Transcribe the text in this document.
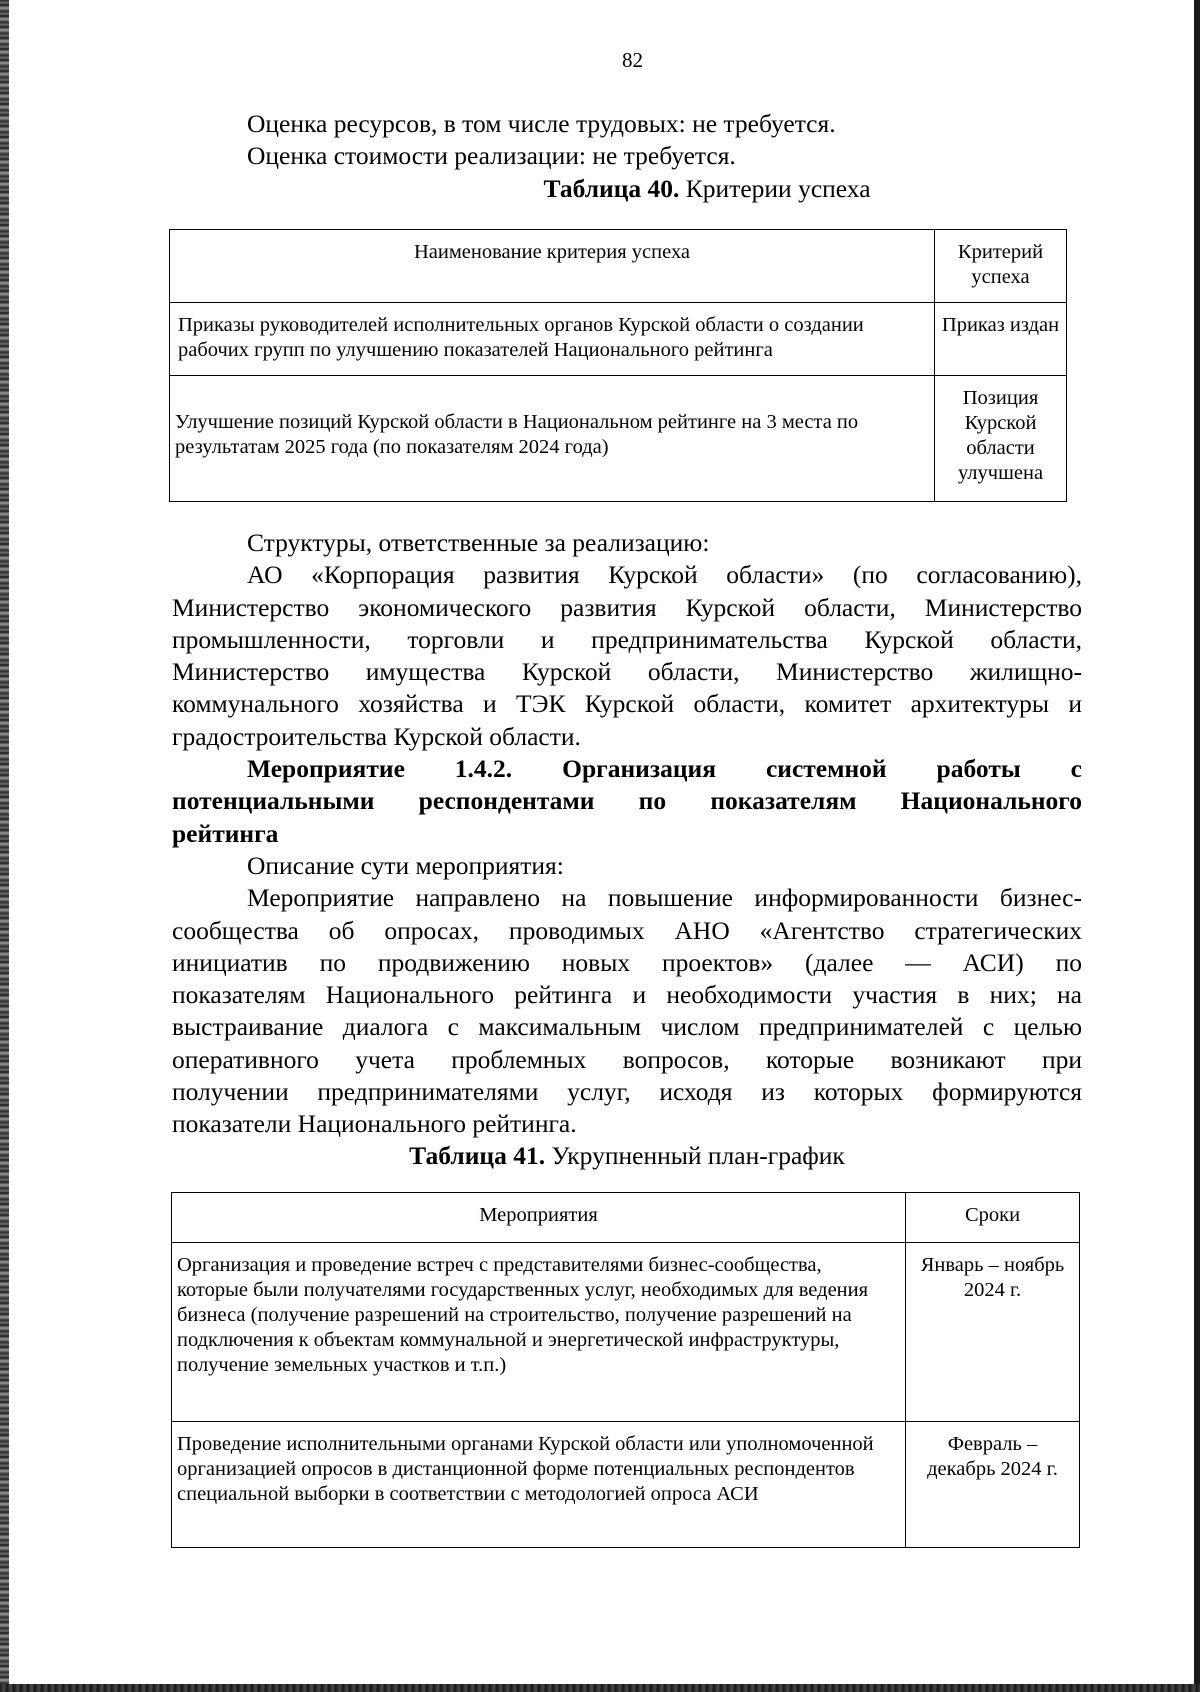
82
Оценка ресурсов, в том числе трудовых: не требуется.
Оценка стоимости реализации: не требуется.
Таблица 40. Критерии успеха
Наименование критерия успеха	Критерий успеха
Приказы руководителей исполнительных органов Курской области о создании рабочих групп по улучшению показателей Национального рейтинга	Приказ издан
Улучшение позиций Курской области в Национальном рейтинге на 3 места по результатам 2025 года (по показателям 2024 года)	Позиция Курской области улучшена
Структуры, ответственные за реализацию:
АО «Корпорация развития Курской области» (по согласованию),
Министерство экономического развития Курской области, Министерство
промышленности, торговли и предпринимательства Курской области,
Министерство имущества Курской области, Министерство жилищно-
коммунального хозяйства и ТЭК Курской области, комитет архитектуры и
градостроительства Курской области.
Мероприятие 1.4.2. Организация системной работы с
потенциальными респондентами по показателям Национального
рейтинга
Описание сути мероприятия:
Мероприятие направлено на повышение информированности бизнес-
сообщества об опросах, проводимых АНО «Агентство стратегических
инициатив по продвижению новых проектов» (далее — АСИ) по
показателям Национального рейтинга и необходимости участия в них; на
выстраивание диалога с максимальным числом предпринимателей с целью
оперативного учета проблемных вопросов, которые возникают при
получении предпринимателями услуг, исходя из которых формируются
показатели Национального рейтинга.
Таблица 41. Укрупненный план-график
Мероприятия	Сроки
Организация и проведение встреч с представителями бизнес-сообщества, которые были получателями государственных услуг, необходимых для ведения бизнеса (получение разрешений на строительство, получение разрешений на подключения к объектам коммунальной и энергетической инфраструктуры, получение земельных участков и т.п.)	Январь – ноябрь 2024 г.
Проведение исполнительными органами Курской области или уполномоченной организацией опросов в дистанционной форме потенциальных респондентов специальной выборки в соответствии с методологией опроса АСИ	Февраль – декабрь 2024 г.
